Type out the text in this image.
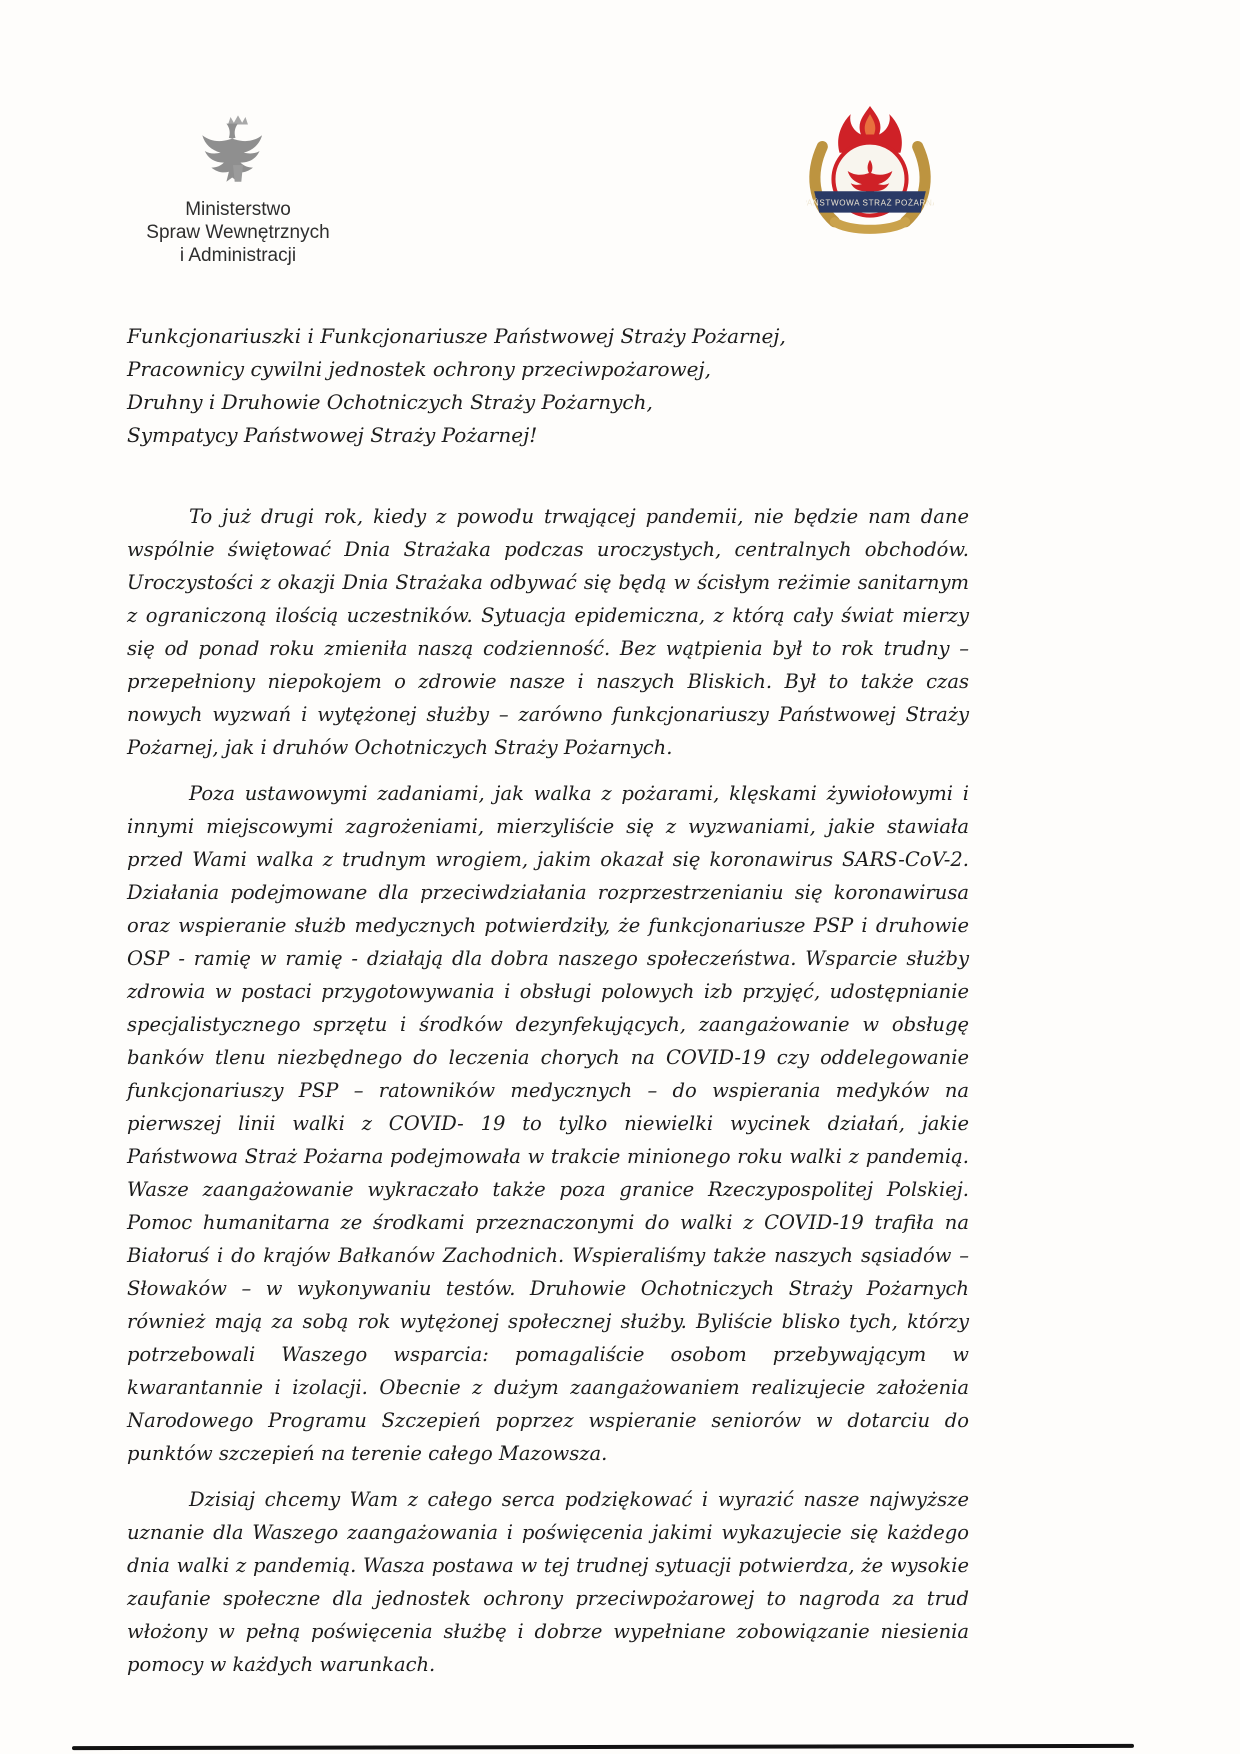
Ministerstwo
Spraw Wewnętrznych
i Administracji
PAŃSTWOWA STRAŻ POŻARNA
Funkcjonariuszki i Funkcjonariusze Państwowej Straży Pożarnej,
Pracownicy cywilni jednostek ochrony przeciwpożarowej,
Druhny i Druhowie Ochotniczych Straży Pożarnych,
Sympatycy Państwowej Straży Pożarnej!

To już drugi rok, kiedy z powodu trwającej pandemii, nie będzie nam dane wspólnie świętować Dnia Strażaka podczas uroczystych, centralnych obchodów. Uroczystości z okazji Dnia Strażaka odbywać się będą w ścisłym reżimie sanitarnym z ograniczoną ilością uczestników. Sytuacja epidemiczna, z którą cały świat mierzy się od ponad roku zmieniła naszą codzienność. Bez wątpienia był to rok trudny – przepełniony niepokojem o zdrowie nasze i naszych Bliskich. Był to także czas nowych wyzwań i wytężonej służby – zarówno funkcjonariuszy Państwowej Straży Pożarnej, jak i druhów Ochotniczych Straży Pożarnych.

Poza ustawowymi zadaniami, jak walka z pożarami, klęskami żywiołowymi i innymi miejscowymi zagrożeniami, mierzyliście się z wyzwaniami, jakie stawiała przed Wami walka z trudnym wrogiem, jakim okazał się koronawirus SARS-CoV-2. Działania podejmowane dla przeciwdziałania rozprzestrzenianiu się koronawirusa oraz wspieranie służb medycznych potwierdziły, że funkcjonariusze PSP i druhowie OSP - ramię w ramię - działają dla dobra naszego społeczeństwa. Wsparcie służby zdrowia w postaci przygotowywania i obsługi polowych izb przyjęć, udostępnianie specjalistycznego sprzętu i środków dezynfekujących, zaangażowanie w obsługę banków tlenu niezbędnego do leczenia chorych na COVID-19 czy oddelegowanie funkcjonariuszy PSP – ratowników medycznych – do wspierania medyków na pierwszej linii walki z COVID- 19 to tylko niewielki wycinek działań, jakie Państwowa Straż Pożarna podejmowała w trakcie minionego roku walki z pandemią. Wasze zaangażowanie wykraczało także poza granice Rzeczypospolitej Polskiej. Pomoc humanitarna ze środkami przeznaczonymi do walki z COVID-19 trafiła na Białoruś i do krajów Bałkanów Zachodnich. Wspieraliśmy także naszych sąsiadów – Słowaków – w wykonywaniu testów. Druhowie Ochotniczych Straży Pożarnych również mają za sobą rok wytężonej społecznej służby. Byliście blisko tych, którzy potrzebowali Waszego wsparcia: pomagaliście osobom przebywającym w kwarantannie i izolacji. Obecnie z dużym zaangażowaniem realizujecie założenia Narodowego Programu Szczepień poprzez wspieranie seniorów w dotarciu do punktów szczepień na terenie całego Mazowsza.

Dzisiaj chcemy Wam z całego serca podziękować i wyrazić nasze najwyższe uznanie dla Waszego zaangażowania i poświęcenia jakimi wykazujecie się każdego dnia walki z pandemią. Wasza postawa w tej trudnej sytuacji potwierdza, że wysokie zaufanie społeczne dla jednostek ochrony przeciwpożarowej to nagroda za trud włożony w pełną poświęcenia służbę i dobrze wypełniane zobowiązanie niesienia pomocy w każdych warunkach.
